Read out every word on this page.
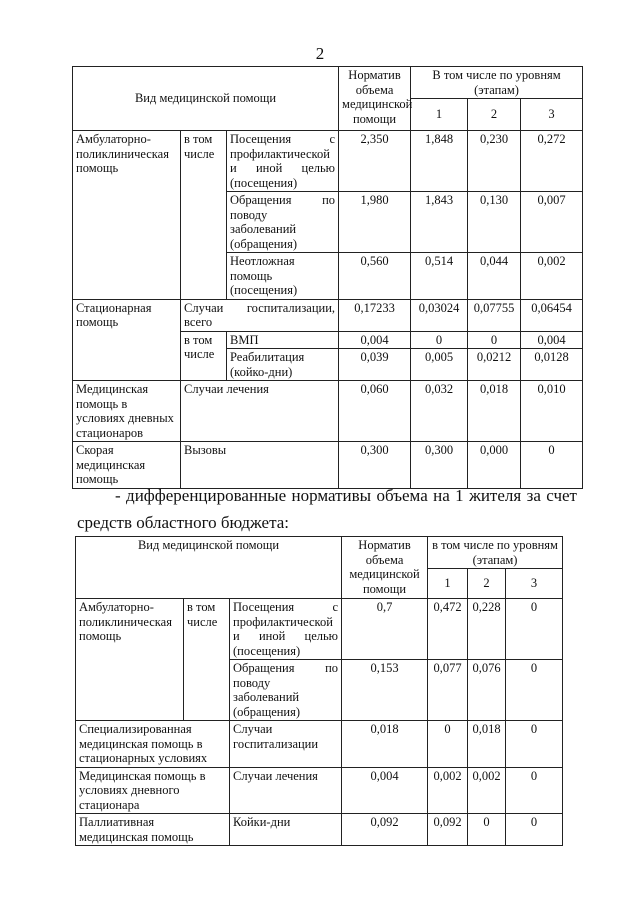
2
Вид медицинской помощи			Норматив объема медицинской помощи	В том числе по уровням (этапам)		
				1	2	3
Амбулаторно-поликлиническая помощь	в том числе	Посещения с профилактической и иной целью (посещения)	2,350	1,848	0,230	0,272
		Обращения по поводу заболеваний (обращения)	1,980	1,843	0,130	0,007
		Неотложная помощь (посещения)	0,560	0,514	0,044	0,002
Стационарная помощь	Случаи госпитализации, всего		0,17233	0,03024	0,07755	0,06454
	в том числе	ВМП	0,004	0	0	0,004
		Реабилитация (койко-дни)	0,039	0,005	0,0212	0,0128
Медицинская помощь в условиях дневных стационаров	Случаи лечения		0,060	0,032	0,018	0,010
Скорая медицинская помощь	Вызовы		0,300	0,300	0,000	0
- дифференцированные нормативы объема на 1 жителя за счет
средств областного бюджета:
Вид медицинской помощи			Норматив объема медицинской помощи	в том числе по уровням (этапам)		
				1	2	3
Амбулаторно-поликлиническая помощь	в том числе	Посещения с профилактической и иной целью (посещения)	0,7	0,472	0,228	0
		Обращения по поводу заболеваний (обращения)	0,153	0,077	0,076	0
Специализированная медицинская помощь в стационарных условиях		Случаи госпитализации	0,018	0	0,018	0
Медицинская помощь в условиях дневного стационара		Случаи лечения	0,004	0,002	0,002	0
Паллиативная медицинская помощь		Койки-дни	0,092	0,092	0	0
